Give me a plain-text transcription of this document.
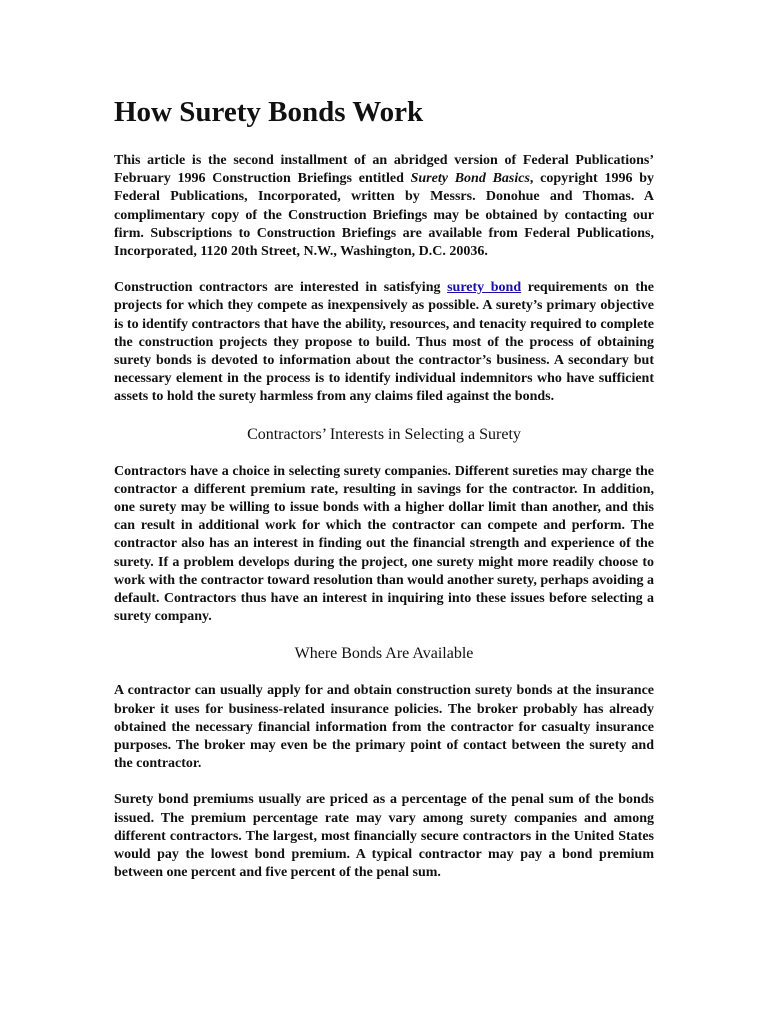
How Surety Bonds Work

This article is the second installment of an abridged version of Federal Publications’ February 1996 Construction Briefings entitled Surety Bond Basics, copyright 1996 by Federal Publications, Incorporated, written by Messrs. Donohue and Thomas. A complimentary copy of the Construction Briefings may be obtained by contacting our firm. Subscriptions to Construction Briefings are available from Federal Publications, Incorporated, 1120 20th Street, N.W., Washington, D.C. 20036.

Construction contractors are interested in satisfying surety bond requirements on the projects for which they compete as inexpensively as possible. A surety’s primary objective is to identify contractors that have the ability, resources, and tenacity required to complete the construction projects they propose to build. Thus most of the process of obtaining surety bonds is devoted to information about the contractor’s business. A secondary but necessary element in the process is to identify individual indemnitors who have sufficient assets to hold the surety harmless from any claims filed against the bonds.

Contractors’ Interests in Selecting a Surety

Contractors have a choice in selecting surety companies. Different sureties may charge the contractor a different premium rate, resulting in savings for the contractor. In addition, one surety may be willing to issue bonds with a higher dollar limit than another, and this can result in additional work for which the contractor can compete and perform. The contractor also has an interest in finding out the financial strength and experience of the surety. If a problem develops during the project, one surety might more readily choose to work with the contractor toward resolution than would another surety, perhaps avoiding a default. Contractors thus have an interest in inquiring into these issues before selecting a surety company.

Where Bonds Are Available

A contractor can usually apply for and obtain construction surety bonds at the insurance broker it uses for business-related insurance policies. The broker probably has already obtained the necessary financial information from the contractor for casualty insurance purposes. The broker may even be the primary point of contact between the surety and the contractor.

Surety bond premiums usually are priced as a percentage of the penal sum of the bonds issued. The premium percentage rate may vary among surety companies and among different contractors. The largest, most financially secure contractors in the United States would pay the lowest bond premium. A typical contractor may pay a bond premium between one percent and five percent of the penal sum.
